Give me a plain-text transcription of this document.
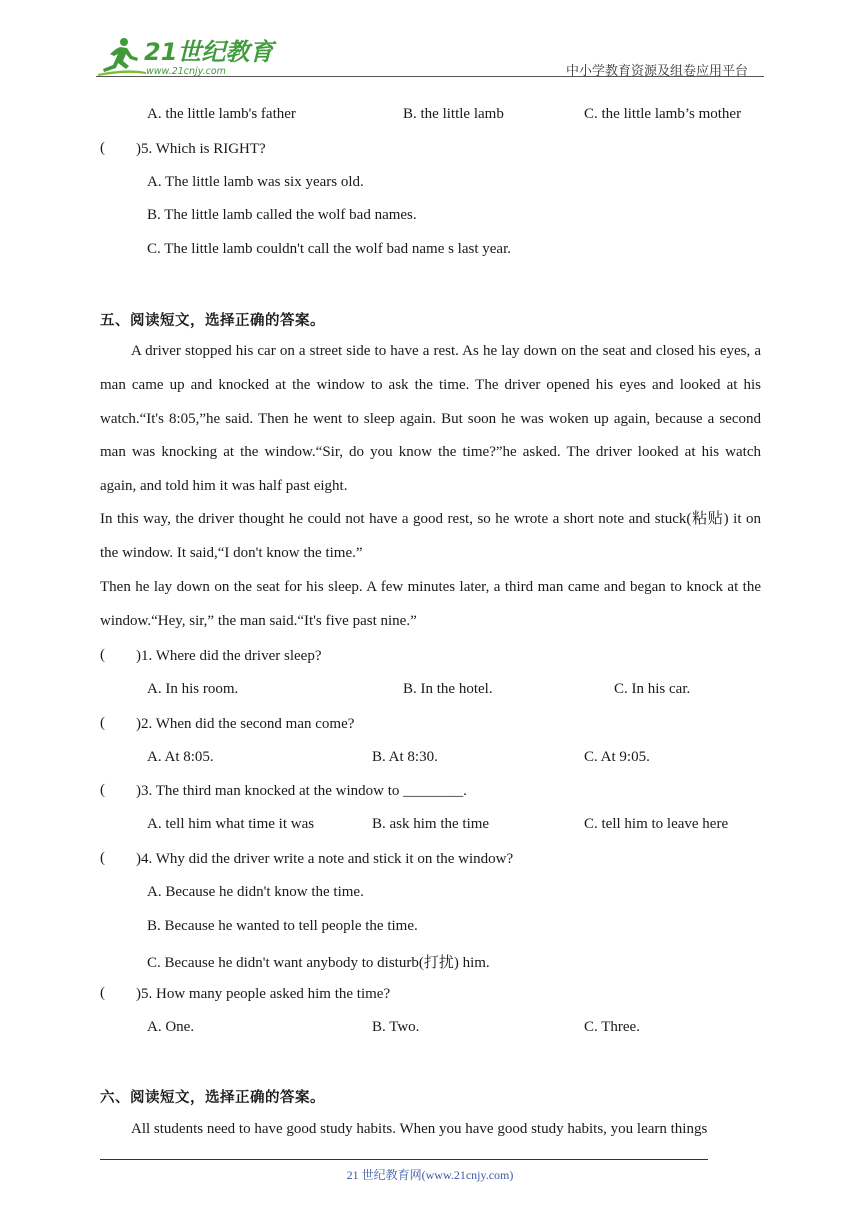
21世纪教育
www.21cnjy.com	中小学教育资源及组卷应用平台
A. the little lamb's father	B. the little lamb	C. the little lamb’s mother
( )5. Which is RIGHT?
A. The little lamb was six years old.
B. The little lamb called the wolf bad names.
C. The little lamb couldn't call the wolf bad name s last year.
五、阅读短文，选择正确的答案。

A driver stopped his car on a street side to have a rest. As he lay down on the seat and closed his eyes, a man came up and knocked at the window to ask the time. The driver opened his eyes and looked at his watch.“It's 8:05,”he said. Then he went to sleep again. But soon he was woken up again, because a second man was knocking at the window.“Sir, do you know the time?”he asked. The driver looked at his watch again, and told him it was half past eight.

In this way, the driver thought he could not have a good rest, so he wrote a short note and stuck(粘贴) it on the window. It said,“I don't know the time.”

Then he lay down on the seat for his sleep. A few minutes later, a third man came and began to knock at the window.“Hey, sir,” the man said.“It's five past nine.”

( )1. Where did the driver sleep?
A. In his room.	B. In the hotel.	C. In his car.
( )2. When did the second man come?
A. At 8:05.	B. At 8:30.	C. At 9:05.
( )3. The third man knocked at the window to ________.
A. tell him what time it was	B. ask him the time	C. tell him to leave here
( )4. Why did the driver write a note and stick it on the window?
A. Because he didn't know the time.
B. Because he wanted to tell people the time.
C. Because he didn't want anybody to disturb(打扰) him.
( )5. How many people asked him the time?
A. One.	B. Two.	C. Three.
六、阅读短文，选择正确的答案。

All students need to have good study habits. When you have good study habits, you learn things

21 世纪教育网(www.21cnjy.com)
